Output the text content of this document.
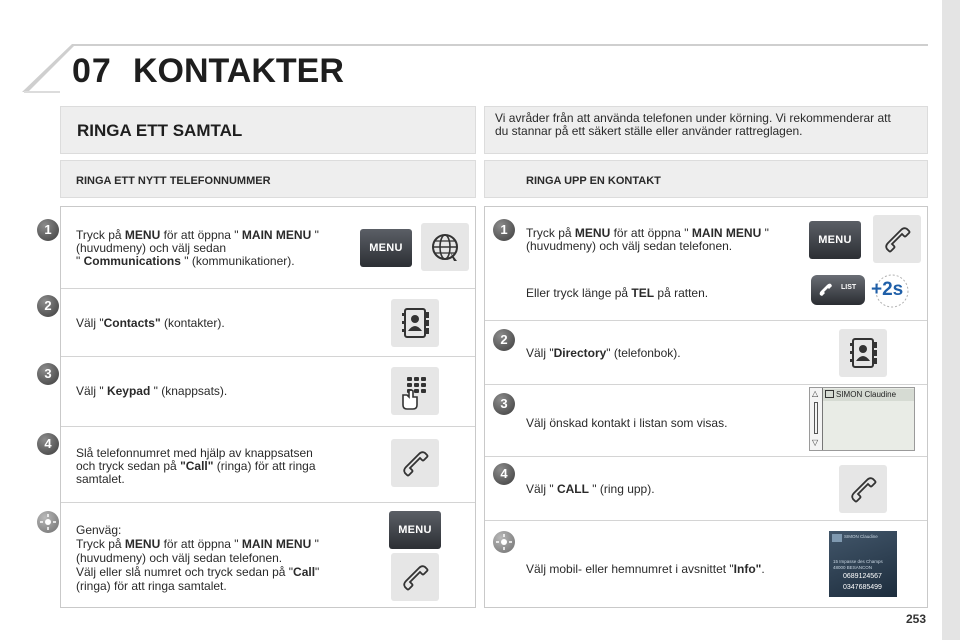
07 KONTAKTER
RINGA ETT SAMTAL
Vi avråder från att använda telefonen under körning. Vi rekommenderar att du stannar på ett säkert ställe eller använder rattreglagen.
RINGA ETT NYTT TELEFONNUMMER	RINGA UPP EN KONTAKT
1	Tryck på MENU för att öppna " MAIN MENU "
(huvudmeny) och välj sedan
" Communications " (kommunikationer).
MENU
2
Välj "Contacts" (kontakter).
3
Välj " Keypad " (knappsats).
4
Slå telefonnumret med hjälp av knappsatsen
och tryck sedan på "Call" (ringa) för att ringa
samtalet.
Genväg:
Tryck på MENU för att öppna " MAIN MENU "
(huvudmeny) och välj sedan telefonen.
Välj eller slå numret och tryck sedan på "Call"
(ringa) för att ringa samtalet.
MENU
1	Tryck på MENU för att öppna " MAIN MENU "
(huvudmeny) och välj sedan telefonen.
Eller tryck länge på TEL på ratten.
MENU
LIST +2s
2
Välj "Directory" (telefonbok).
3
Välj önskad kontakt i listan som visas.
△
▽
SIMON Claudine
4
Välj " CALL " (ring upp).
Välj mobil- eller hemnumret i avsnittet "Info".
SIMON Claudine
15 Impasse des Champs
48000 BESANCON
0689124567
0347685499
253
